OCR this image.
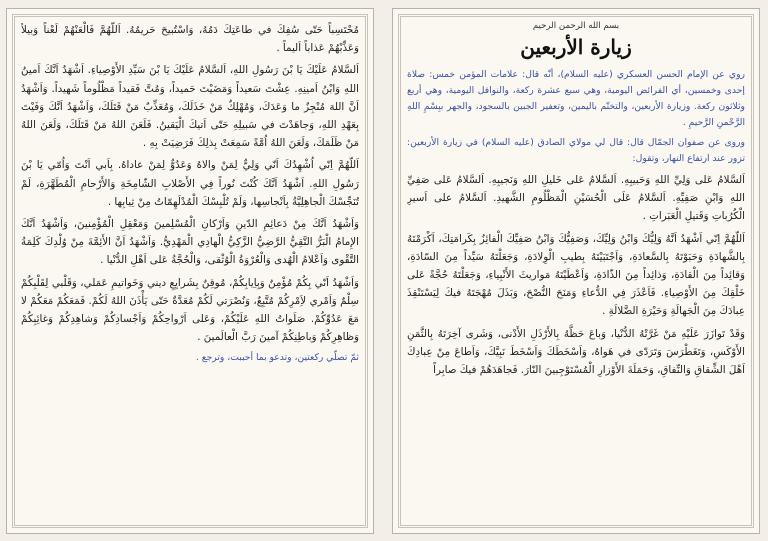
مُحْتَسِباً حَتّى سُفِكَ في طاعَتِكَ دَمُهُ، وَاسْتُبيحَ حَريمُهُ. اَللّهُمَّ فَالْعَنْهُمْ لَعْناً وَبيلاً وَعَذِّبْهُمْ عَذاباً اَليماً .

اَلسَّلامُ عَلَيْكَ يَا بْنَ رَسُولِ اللهِ، اَلسَّلامُ عَلَيْكَ يَا بْنَ سَيِّدِ الأَوْصِياءِ. اَشْهَدُ اَنَّكَ اَمينُ اللهِ وَابْنُ اَمينِهِ. عِشْتَ سَعيداً وَمَضَيْتَ حَميداً، وَمُتَّ فَقيداً مَظْلُوماً شَهيداً. وَاَشْهَدُ اَنَّ اللهَ مُنْجِزٌ ما وَعَدَكَ، وَمُهْلِكٌ مَنْ خَذَلَكَ، وَمُعَذِّبٌ مَنْ قَتَلَكَ، وَاَشْهَدُ اَنَّكَ وَفَيْتَ بِعَهْدِ اللهِ، وَجاهَدْتَ في سَبيلِهِ حَتّى اَتيكَ الْيَقينُ. فَلَعَنَ اللهُ مَنْ قَتَلَكَ، وَلَعَنَ اللهُ مَنْ ظَلَمَكَ، وَلَعَنَ اللهُ اُمَّةً سَمِعَتْ بِذلِكَ فَرَضِيَتْ بِهِ .

اَللّهُمَّ اِنّي اُشْهِدُكَ اَنّي وَلِيٌّ لِمَنْ والاهُ وَعَدُوٌّ لِمَنْ عاداهُ. بِاَبي اَنْتَ وَاُمّي يَا بْنَ رَسُولِ اللهِ. اَشْهَدُ اَنَّكَ كُنْتَ نُوراً فِي الأَصْلابِ الشّامِخَةِ وَالأَرْحامِ الْمُطَهَّرَةِ، لَمْ تُنَجِّسْكَ الْجاهِلِيَّةُ بِاَنْجاسِها، وَلَمْ تُلْبِسْكَ الْمُدْلَهِمّاتُ مِنْ ثِيابِها .

وَاَشْهَدُ اَنَّكَ مِنْ دَعائِمِ الدّينِ وَاَرْكانِ الْمُسْلِمينَ وَمَعْقِلِ الْمُؤْمِنينَ، وَاَشْهَدُ اَنَّكَ الإِمامُ الْبَرُّ التَّقِيُّ الرَّضِيُّ الزَّكِيُّ الْهادِي الْمَهْدِيُّ. وَاَشْهَدُ اَنَّ الأَئِمَّةَ مِنْ وُلْدِكَ كَلِمَةُ التَّقْوى وَاَعْلامُ الْهُدى وَالْعُرْوَةُ الْوُثْقى، وَالْحُجَّةُ عَلى اَهْلِ الدُّنْيا .

وَاَشْهَدُ اَنّي بِكُمْ مُؤْمِنٌ وَبِاِيابِكُمْ، مُوقِنٌ بِشَرايِعِ ديني وَخَواتيمِ عَمَلي، وَقَلْبي لِقَلْبِكُمْ سِلْمٌ وَاَمْري لاَِمْرِكُمْ مُتَّبِعٌ، وَنُصْرَتي لَكُمْ مُعَدَّةٌ حَتّى يَأْذَنَ اللهُ لَكُمْ. فَمَعَكُمْ مَعَكُمْ لا مَعَ عَدُوِّكُمْ. صَلَواتُ اللهِ عَلَيْكُمْ، وَعَلى اَرْواحِكُمْ وَاَجْسادِكُمْ وَشاهِدِكُمْ وَغائِبِكُمْ وَظاهِرِكُمْ وَباطِنِكُمْ آمينَ رَبَّ الْعالَمينَ .

ثمّ تصلّي ركعتين، وتدعو بما أحببت، وترجع .

بسم الله الرحمن الرحيم
زيارة الأربعين

روي عن الإمام الحسن العسكري (عليه السلام)، أنّه قال: علامات المؤمن خمس: صلاة إحدى وخمسين، أي الفرائض اليومية، وهي سبع عشرة ركعة، والنوافل اليومية، وهي أربع وثلاثون ركعة. وزيارة الأربعين، والتختّم باليمين، وتعفير الجبين بالسجود، والجهر ببِسْمِ اللهِ الرَّحْمنِ الرَّحيمِ .

وروى عن صفوان الجمّال قال: قال لي مولاي الصادق (عليه السلام) في زيارة الأربعين: تزور عند ارتفاع النهار، وتقول:

اَلسَّلامُ عَلى وَلِيِّ اللهِ وَحَبيبِهِ. اَلسَّلامُ عَلى خَليلِ اللهِ وَنَجيبِهِ. اَلسَّلامُ عَلى صَفِيِّ اللهِ وَابْنِ صَفِيِّهِ. اَلسَّلامُ عَلَى الْحُسَيْنِ الْمَظْلُومِ الشَّهيدِ. اَلسَّلامُ على اَسيرِ الْكُرُباتِ وَقَتيلِ الْعَبَراتِ .

اَللّهُمَّ اِنّي اَشْهَدُ اَنَّهُ وَلِيُّكَ وَابْنُ وَلِيِّكَ، وَصَفِيُّكَ وَابْنُ صَفِيِّكَ الْفائِزُ بِكَرامَتِكَ، اَكْرَمْتَهُ بِالشَّهادَةِ وَحَبَوْتَهُ بِالسَّعادَةِ، وَاَجْتَبَيْتَهُ بِطيبِ الْوِلادَةِ، وَجَعَلْتَهُ سَيِّداً مِنَ السّادَةِ، وَقائِداً مِنَ الْقادَةِ، وَذائِداً مِنَ الذّادَةِ، وَاَعْطَيْتَهُ مَواريثَ الأَنْبِياءِ، وَجَعَلْتَهُ حُجَّةً عَلى خَلْقِكَ مِنَ الأَوْصِياءِ. فَاَعْذَرَ فِي الدُّعاءِ وَمَنَحَ النُّصْحَ، وَبَذَلَ مُهْجَتَهُ فيكَ لِيَسْتَنْقِذَ عِبادَكَ مِنَ الْجَهالَةِ وَحَيْرَةِ الضَّلالَةِ .

وَقَدْ تَوازَرَ عَلَيْهِ مَنْ غَرَّتْهُ الدُّنْيا، وَباعَ حَظَّهُ بِالأَرْذَلِ الأَدْنى، وَشَرى آخِرَتَهُ بِالثَّمَنِ الأَوْكَسِ، وَتَغَطْرَسَ وَتَرَدّى في هَواهُ، وَاَسْخَطَكَ وَاَسْخَطَ نَبِيَّكَ، وَاَطاعَ مِنْ عِبادِكَ اَهْلَ الشِّقاقِ وَالنِّفاقِ، وَحَمَلَةَ الأَوْزارِ الْمُسْتَوْجِبينَ النّارَ. فَجاهَدَهُمْ فيكَ صابِراً
